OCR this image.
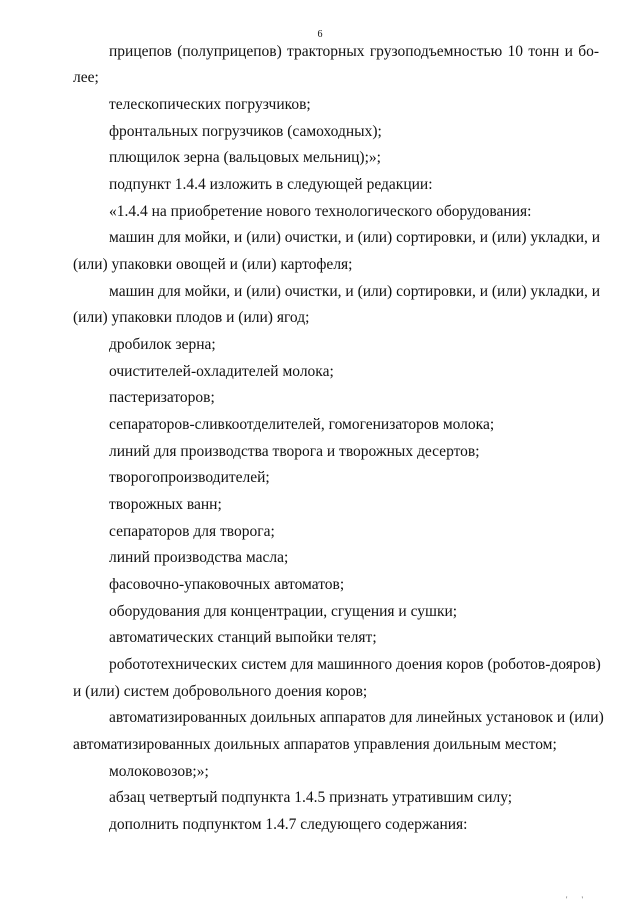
6
прицепов (полуприцепов) тракторных грузоподъемностью 10 тонн и бо-
лее;
телескопических погрузчиков;
фронтальных погрузчиков (самоходных);
плющилок зерна (вальцовых мельниц);»;
подпункт 1.4.4 изложить в следующей редакции:
«1.4.4 на приобретение нового технологического оборудования:
машин для мойки, и (или) очистки, и (или) сортировки, и (или) укладки, и
(или) упаковки овощей и (или) картофеля;
машин для мойки, и (или) очистки, и (или) сортировки, и (или) укладки, и
(или) упаковки плодов и (или) ягод;
дробилок зерна;
очистителей-охладителей молока;
пастеризаторов;
сепараторов-сливкоотделителей, гомогенизаторов молока;
линий для производства творога и творожных десертов;
творогопроизводителей;
творожных ванн;
сепараторов для творога;
линий производства масла;
фасовочно-упаковочных автоматов;
оборудования для концентрации, сгущения и сушки;
автоматических станций выпойки телят;
робототехнических систем для машинного доения коров (роботов-дояров)
и (или) систем добровольного доения коров;
автоматизированных доильных аппаратов для линейных установок и (или)
автоматизированных доильных аппаратов управления доильным местом;
молоковозов;»;
абзац четвертый подпункта 1.4.5 признать утратившим силу;
дополнить подпунктом 1.4.7 следующего содержания:
' '
